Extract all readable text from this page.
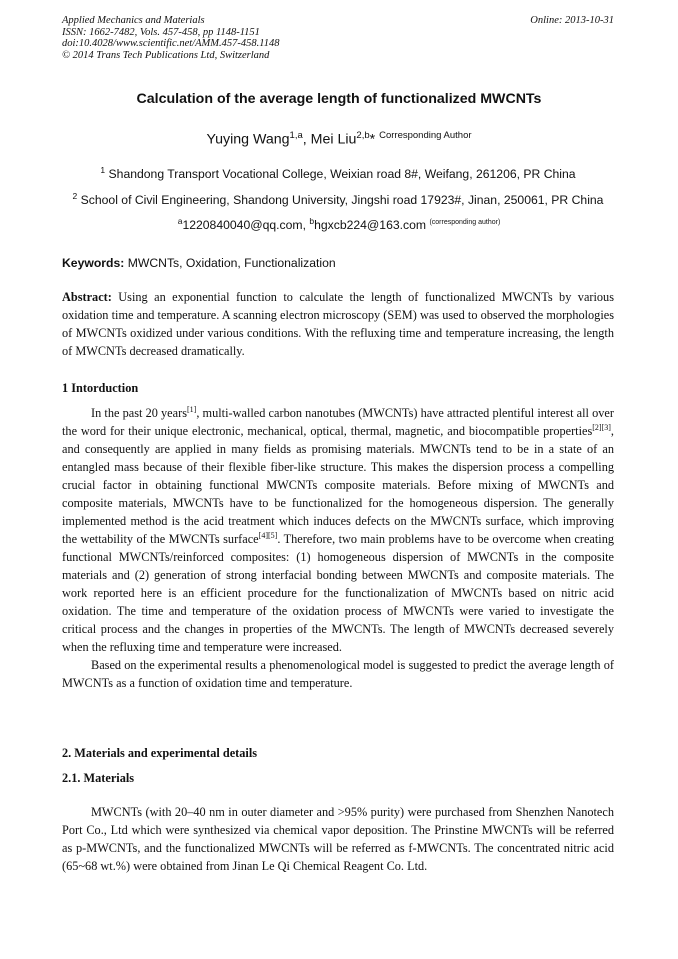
Applied Mechanics and Materials
ISSN: 1662-7482, Vols. 457-458, pp 1148-1151
doi:10.4028/www.scientific.net/AMM.457-458.1148
© 2014 Trans Tech Publications Ltd, Switzerland
Online: 2013-10-31
Calculation of the average length of functionalized MWCNTs
Yuying Wang$^{1,a}$, Mei Liu$^{2,b}$* $^{Corresponding Author}$
$^1$ Shandong Transport Vocational College, Weixian road 8#, Weifang, 261206, PR China
$^2$ School of Civil Engineering, Shandong University, Jingshi road 17923#, Jinan, 250061, PR China
$^a$1220840040@qq.com, $^b$hgxcb224@163.com $^{(corresponding author)}$
Keywords: MWCNTs, Oxidation, Functionalization

Abstract: Using an exponential function to calculate the length of functionalized MWCNTs by various oxidation time and temperature. A scanning electron microscopy (SEM) was used to observed the morphologies of MWCNTs oxidized under various conditions. With the refluxing time and temperature increasing, the length of MWCNTs decreased dramatically.

1 Intorduction

In the past 20 years[1], multi-walled carbon nanotubes (MWCNTs) have attracted plentiful interest all over the word for their unique electronic, mechanical, optical, thermal, magnetic, and biocompatible properties[2][3], and consequently are applied in many fields as promising materials. MWCNTs tend to be in a state of an entangled mass because of their flexible fiber-like structure. This makes the dispersion process a compelling crucial factor in obtaining functional MWCNTs composite materials. Before mixing of MWCNTs and composite materials, MWCNTs have to be functionalized for the homogeneous dispersion. The generally implemented method is the acid treatment which induces defects on the MWCNTs surface, which improving the wettability of the MWCNTs surface[4][5]. Therefore, two main problems have to be overcome when creating functional MWCNTs/reinforced composites: (1) homogeneous dispersion of MWCNTs in the composite materials and (2) generation of strong interfacial bonding between MWCNTs and composite materials. The work reported here is an efficient procedure for the functionalization of MWCNTs based on nitric acid oxidation. The time and temperature of the oxidation process of MWCNTs were varied to investigate the critical process and the changes in properties of the MWCNTs. The length of MWCNTs decreased severely when the refluxing time and temperature were increased.

Based on the experimental results a phenomenological model is suggested to predict the average length of MWCNTs as a function of oxidation time and temperature.

2. Materials and experimental details
2.1. Materials

MWCNTs (with 20–40 nm in outer diameter and >95% purity) were purchased from Shenzhen Nanotech Port Co., Ltd which were synthesized via chemical vapor deposition. The Prinstine MWCNTs will be referred as p-MWCNTs, and the functionalized MWCNTs will be referred as f-MWCNTs. The concentrated nitric acid (65~68 wt.%) were obtained from Jinan Le Qi Chemical Reagent Co. Ltd.
